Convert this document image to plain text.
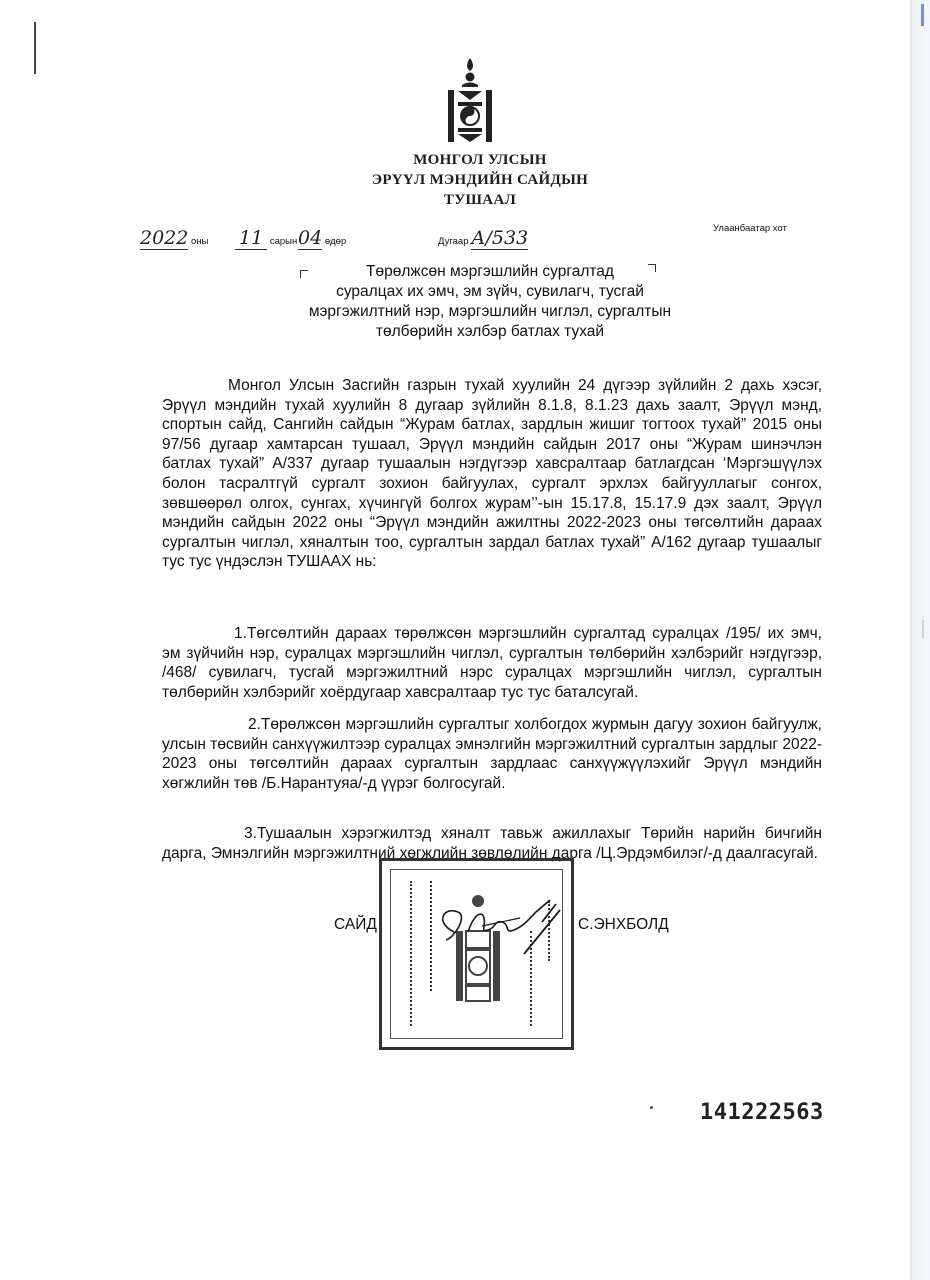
МОНГОЛ УЛСЫН
ЭРҮҮЛ МЭНДИЙН САЙДЫН
ТУШААЛ
2022 оны 11 сарын 04 өдөр	Дугаар А/533	Улаанбаатар хот
Төрөлжсөн мэргэшлийн сургалтад
суралцах их эмч, эм зүйч, сувилагч, тусгай
мэргэжилтний нэр, мэргэшлийн чиглэл, сургалтын
төлбөрийн хэлбэр батлах тухай
Монгол Улсын Засгийн газрын тухай хуулийн 24 дүгээр зүйлийн 2 дахь хэсэг, Эрүүл мэндийн тухай хуулийн 8 дугаар зүйлийн 8.1.8, 8.1.23 дахь заалт, Эрүүл мэнд, спортын сайд, Сангийн сайдын “Журам батлах, зардлын жишиг тогтоох тухай” 2015 оны 97/56 дугаар хамтарсан тушаал, Эрүүл мэндийн сайдын 2017 оны “Журам шинэчлэн батлах тухай” А/337 дугаар тушаалын нэгдүгээр хавсралтаар батлагдсан ‘Мэргэшүүлэх болон тасралтгүй сургалт зохион байгуулах, сургалт эрхлэх байгууллагыг сонгох, зөвшөөрөл олгох, сунгах, хүчингүй болгох журам’’-ын 15.17.8, 15.17.9 дэх заалт, Эрүүл мэндийн сайдын 2022 оны “Эрүүл мэндийн ажилтны 2022-2023 оны төгсөлтийн дараах сургалтын чиглэл, хяналтын тоо, сургалтын зардал батлах тухай” А/162 дугаар тушаалыг тус тус үндэслэн ТУШААХ нь:
1.Төгсөлтийн дараах төрөлжсөн мэргэшлийн сургалтад суралцах /195/ их эмч, эм зүйчийн нэр, суралцах мэргэшлийн чиглэл, сургалтын төлбөрийн хэлбэрийг нэгдүгээр, /468/ сувилагч, тусгай мэргэжилтний нэрс суралцах мэргэшлийн чиглэл, сургалтын төлбөрийн хэлбэрийг хоёрдугаар хавсралтаар тус тус баталсугай.
2.Төрөлжсөн мэргэшлийн сургалтыг холбогдох журмын дагуу зохион байгуулж, улсын төсвийн санхүүжилтээр суралцах эмнэлгийн мэргэжилтний сургалтын зардлыг 2022-2023 оны төгсөлтийн дараах сургалтын зардлаас санхүүжүүлэхийг Эрүүл мэндийн хөгжлийн төв /Б.Нарантуяа/-д үүрэг болгосугай.
3.Тушаалын хэрэгжилтэд хяналт тавьж ажиллахыг Төрийн нарийн бичгийн дарга, Эмнэлгийн мэргэжилтний хөгжлийн зөвлөлийн дарга /Ц.Эрдэмбилэг/-д даалгасугай.
САЙД	С.ЭНХБОЛД
141222563
